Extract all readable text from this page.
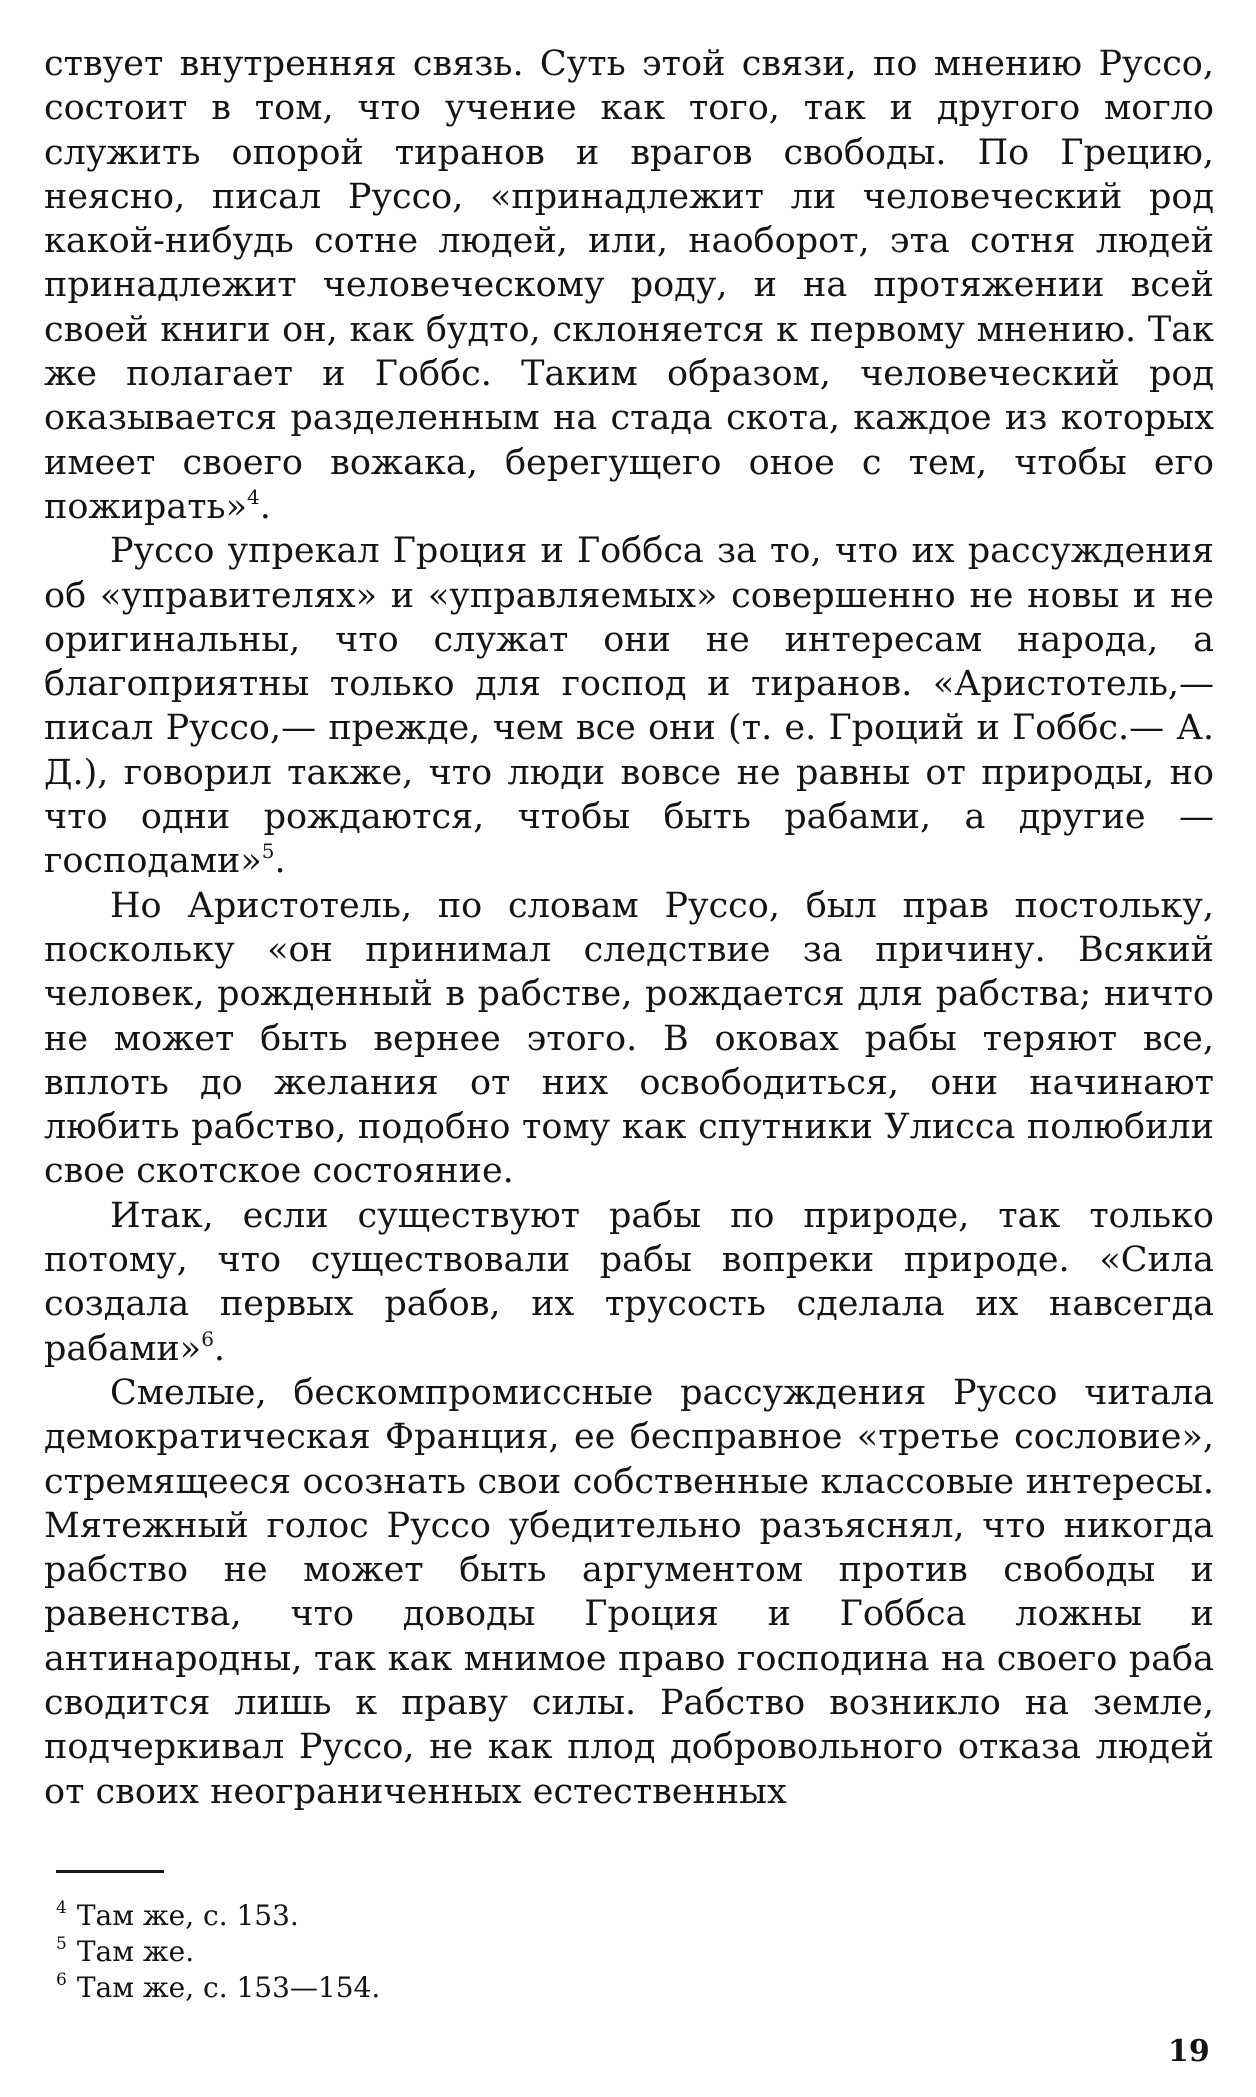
ствует внутренняя связь. Суть этой связи, по мнению Руссо, состоит в том, что учение как того, так и другого могло служить опорой тиранов и врагов свободы. По Грецию, неясно, писал Руссо, «принадлежит ли человеческий род какой-нибудь сотне людей, или, наоборот, эта сотня людей принадлежит человеческому роду, и на протяжении всей своей книги он, как будто, склоняется к первому мнению. Так же полагает и Гоббс. Таким образом, человеческий род оказывается разделенным на стада скота, каждое из которых имеет своего вожака, берегущего оное с тем, чтобы его пожирать»$^4$.

Руссо упрекал Гроция и Гоббса за то, что их рассуждения об «управителях» и «управляемых» совершенно не новы и не оригинальны, что служат они не интересам народа, а благоприятны только для господ и тиранов. «Аристотель,— писал Руссо,— прежде, чем все они (т. е. Гроций и Гоббс.— А. Д.), говорил также, что люди вовсе не равны от природы, но что одни рождаются, чтобы быть рабами, а другие — господами»$^5$.

Но Аристотель, по словам Руссо, был прав постольку, поскольку «он принимал следствие за причину. Всякий человек, рожденный в рабстве, рождается для рабства; ничто не может быть вернее этого. В оковах рабы теряют все, вплоть до желания от них освободиться, они начинают любить рабство, подобно тому как спутники Улисса полюбили свое скотское состояние.

Итак, если существуют рабы по природе, так только потому, что существовали рабы вопреки природе. «Сила создала первых рабов, их трусость сделала их навсегда рабами»$^6$.

Смелые, бескомпромиссные рассуждения Руссо читала демократическая Франция, ее бесправное «третье сословие», стремящееся осознать свои собственные классовые интересы. Мятежный голос Руссо убедительно разъяснял, что никогда рабство не может быть аргументом против свободы и равенства, что доводы Гроция и Гоббса ложны и антинародны, так как мнимое право господина на своего раба сводится лишь к праву силы. Рабство возникло на земле, подчеркивал Руссо, не как плод добровольного отказа людей от своих неограниченных естественных

$^4$ Там же, с. 153.
$^5$ Там же.
$^6$ Там же, с. 153—154.
19
